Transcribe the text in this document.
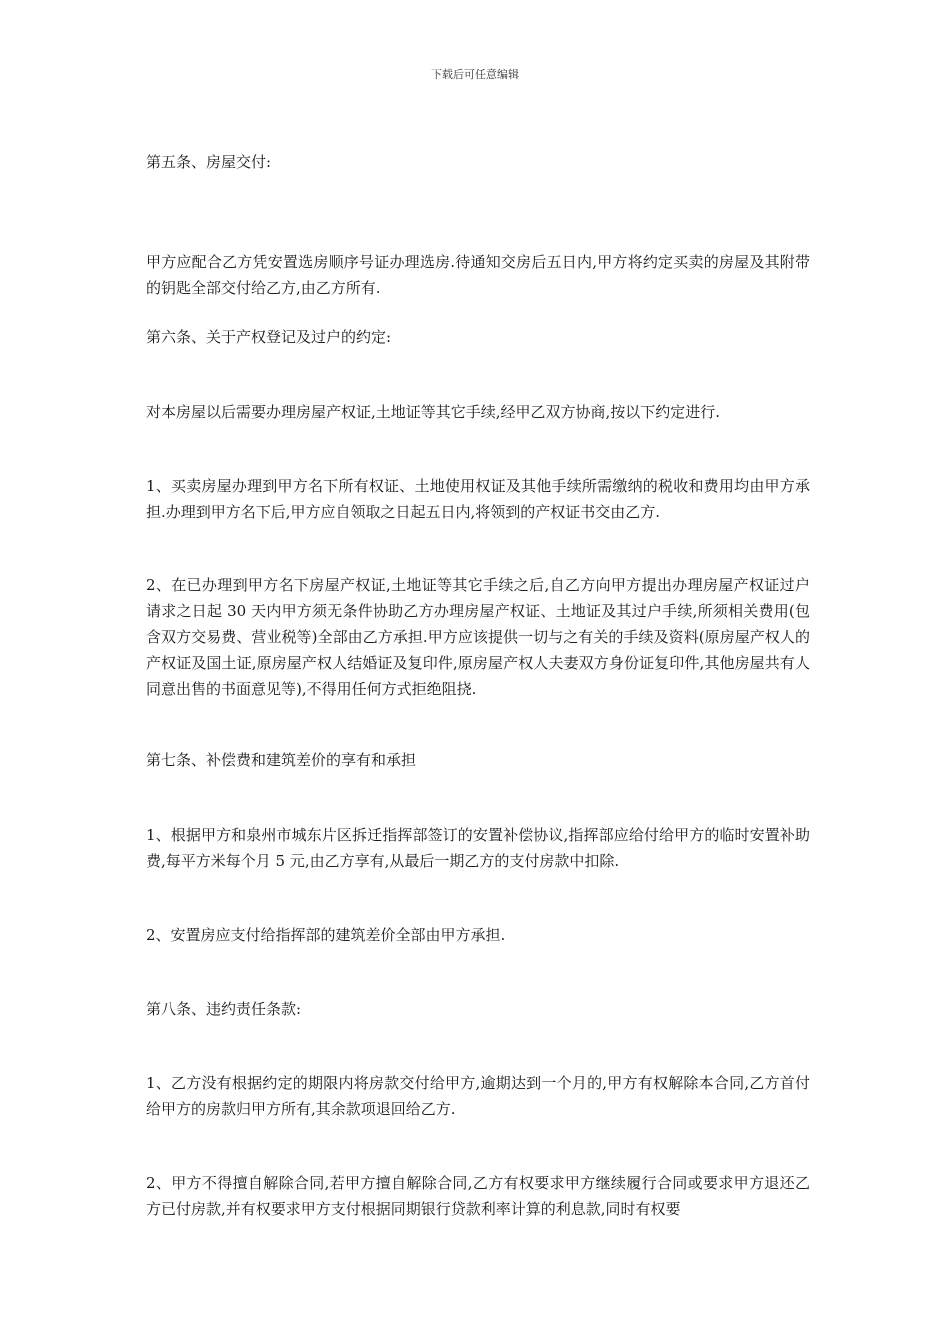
下载后可任意编辑

第五条、房屋交付:

甲方应配合乙方凭安置选房顺序号证办理选房.待通知交房后五日内,甲方将约定买卖的房屋及其附带的钥匙全部交付给乙方,由乙方所有.

第六条、关于产权登记及过户的约定:

对本房屋以后需要办理房屋产权证,土地证等其它手续,经甲乙双方协商,按以下约定进行.

1、买卖房屋办理到甲方名下所有权证、土地使用权证及其他手续所需缴纳的税收和费用均由甲方承担.办理到甲方名下后,甲方应自领取之日起五日内,将领到的产权证书交由乙方.

2、在已办理到甲方名下房屋产权证,土地证等其它手续之后,自乙方向甲方提出办理房屋产权证过户请求之日起 30 天内甲方须无条件协助乙方办理房屋产权证、土地证及其过户手续,所须相关费用(包含双方交易费、营业税等)全部由乙方承担.甲方应该提供一切与之有关的手续及资料(原房屋产权人的产权证及国土证,原房屋产权人结婚证及复印件,原房屋产权人夫妻双方身份证复印件,其他房屋共有人同意出售的书面意见等),不得用任何方式拒绝阻挠.

第七条、补偿费和建筑差价的享有和承担

1、根据甲方和泉州市城东片区拆迁指挥部签订的安置补偿协议,指挥部应给付给甲方的临时安置补助费,每平方米每个月 5 元,由乙方享有,从最后一期乙方的支付房款中扣除.

2、安置房应支付给指挥部的建筑差价全部由甲方承担.

第八条、违约责任条款:

1、乙方没有根据约定的期限内将房款交付给甲方,逾期达到一个月的,甲方有权解除本合同,乙方首付给甲方的房款归甲方所有,其余款项退回给乙方.

2、甲方不得擅自解除合同,若甲方擅自解除合同,乙方有权要求甲方继续履行合同或要求甲方退还乙方已付房款,并有权要求甲方支付根据同期银行贷款利率计算的利息款,同时有权要
